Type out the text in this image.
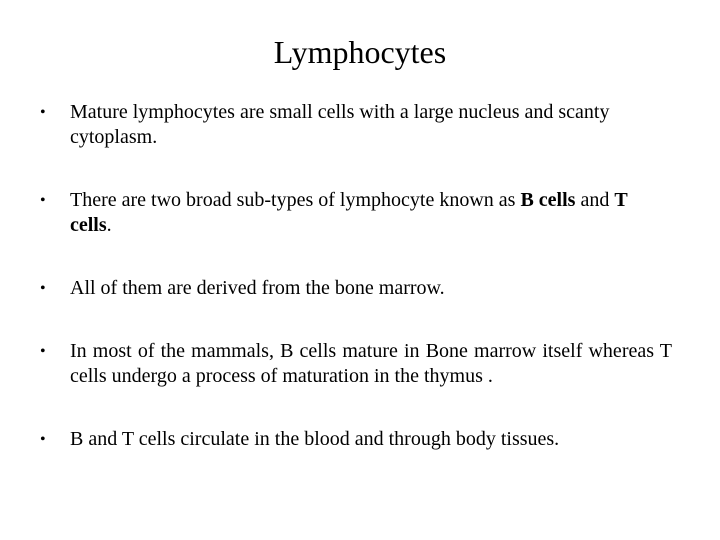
Lymphocytes
•	Mature lymphocytes are small cells with a large nucleus and scanty cytoplasm.
•	There are two broad sub-types of lymphocyte known as B cells and T cells.
•	All of them are derived from the bone marrow.
•	In most of the mammals, B cells mature in Bone marrow itself whereas T cells undergo a process of maturation in the thymus .
•	B and T cells circulate in the blood and through body tissues.
